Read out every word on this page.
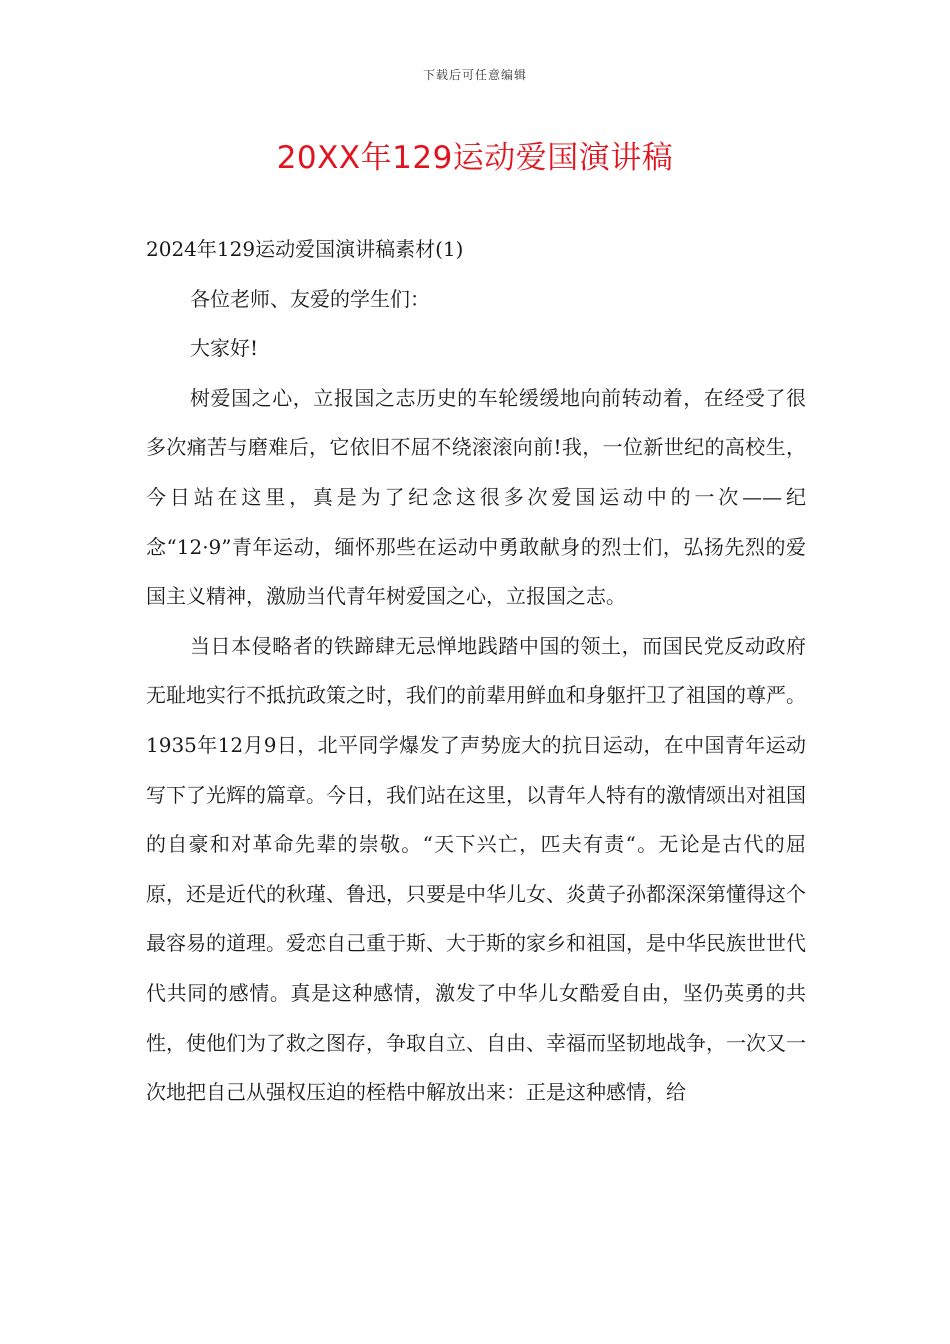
下载后可任意编辑
20XX年129运动爱国演讲稿

2024年129运动爱国演讲稿素材(1)

各位老师、友爱的学生们：

大家好!

树爱国之心，立报国之志历史的车轮缓缓地向前转动着，在经受了很多次痛苦与磨难后，它依旧不屈不绕滚滚向前!我，一位新世纪的高校生，今日站在这里，真是为了纪念这很多次爱国运动中的一次——纪念“12·9”青年运动，缅怀那些在运动中勇敢献身的烈士们，弘扬先烈的爱国主义精神，激励当代青年树爱国之心，立报国之志。

当日本侵略者的铁蹄肆无忌惮地践踏中国的领土，而国民党反动政府无耻地实行不抵抗政策之时，我们的前辈用鲜血和身躯扞卫了祖国的尊严。1935年12月9日，北平同学爆发了声势庞大的抗日运动，在中国青年运动写下了光辉的篇章。今日，我们站在这里，以青年人特有的激情颂出对祖国的自豪和对革命先辈的崇敬。“天下兴亡，匹夫有责“。无论是古代的屈原，还是近代的秋瑾、鲁迅，只要是中华儿女、炎黄子孙都深深第懂得这个最容易的道理。爱恋自己重于斯、大于斯的家乡和祖国，是中华民族世世代代共同的感情。真是这种感情，激发了中华儿女酷爱自由，坚仍英勇的共性，使他们为了救之图存，争取自立、自由、幸福而坚韧地战争，一次又一次地把自己从强权压迫的桎梏中解放出来：正是这种感情，给
